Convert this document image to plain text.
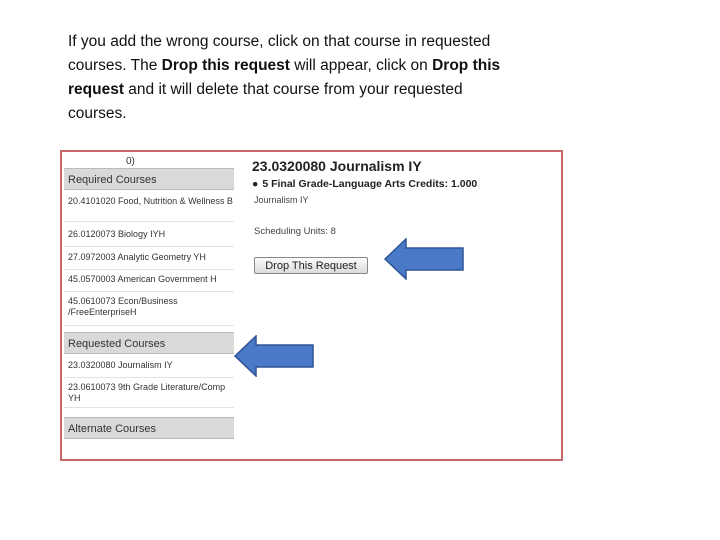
If you add the wrong course, click on that course in requested courses. The Drop this request will appear, click on Drop this request and it will delete that course from your requested courses.
0)
Required Courses
20.4101020 Food, Nutrition & Wellness B
26.0120073 Biology IYH
27.0972003 Analytic Geometry YH
45.0570003 American Government H
45.0610073 Econ/Business /FreeEnterpriseH
Requested Courses
23.0320080 Journalism IY
23.0610073 9th Grade Literature/Comp YH
Alternate Courses
23.0320080 Journalism IY
● 5 Final Grade-Language Arts Credits: 1.000
Journalism IY
Scheduling Units: 8
Drop This Request
